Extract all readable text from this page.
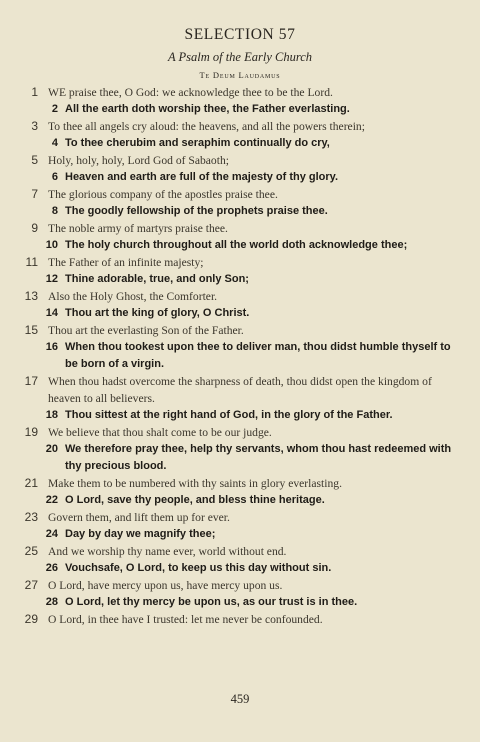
SELECTION 57
A Psalm of the Early Church
Te Deum Laudamus
1 WE praise thee, O God: we acknowledge thee to be the Lord.
2 All the earth doth worship thee, the Father everlasting.
3 To thee all angels cry aloud: the heavens, and all the powers therein;
4 To thee cherubim and seraphim continually do cry,
5 Holy, holy, holy, Lord God of Sabaoth;
6 Heaven and earth are full of the majesty of thy glory.
7 The glorious company of the apostles praise thee.
8 The goodly fellowship of the prophets praise thee.
9 The noble army of martyrs praise thee.
10 The holy church throughout all the world doth acknowledge thee;
11 The Father of an infinite majesty;
12 Thine adorable, true, and only Son;
13 Also the Holy Ghost, the Comforter.
14 Thou art the king of glory, O Christ.
15 Thou art the everlasting Son of the Father.
16 When thou tookest upon thee to deliver man, thou didst humble thyself to be born of a virgin.
17 When thou hadst overcome the sharpness of death, thou didst open the kingdom of heaven to all believers.
18 Thou sittest at the right hand of God, in the glory of the Father.
19 We believe that thou shalt come to be our judge.
20 We therefore pray thee, help thy servants, whom thou hast redeemed with thy precious blood.
21 Make them to be numbered with thy saints in glory everlasting.
22 O Lord, save thy people, and bless thine heritage.
23 Govern them, and lift them up for ever.
24 Day by day we magnify thee;
25 And we worship thy name ever, world without end.
26 Vouchsafe, O Lord, to keep us this day without sin.
27 O Lord, have mercy upon us, have mercy upon us.
28 O Lord, let thy mercy be upon us, as our trust is in thee.
29 O Lord, in thee have I trusted: let me never be confounded.
459
